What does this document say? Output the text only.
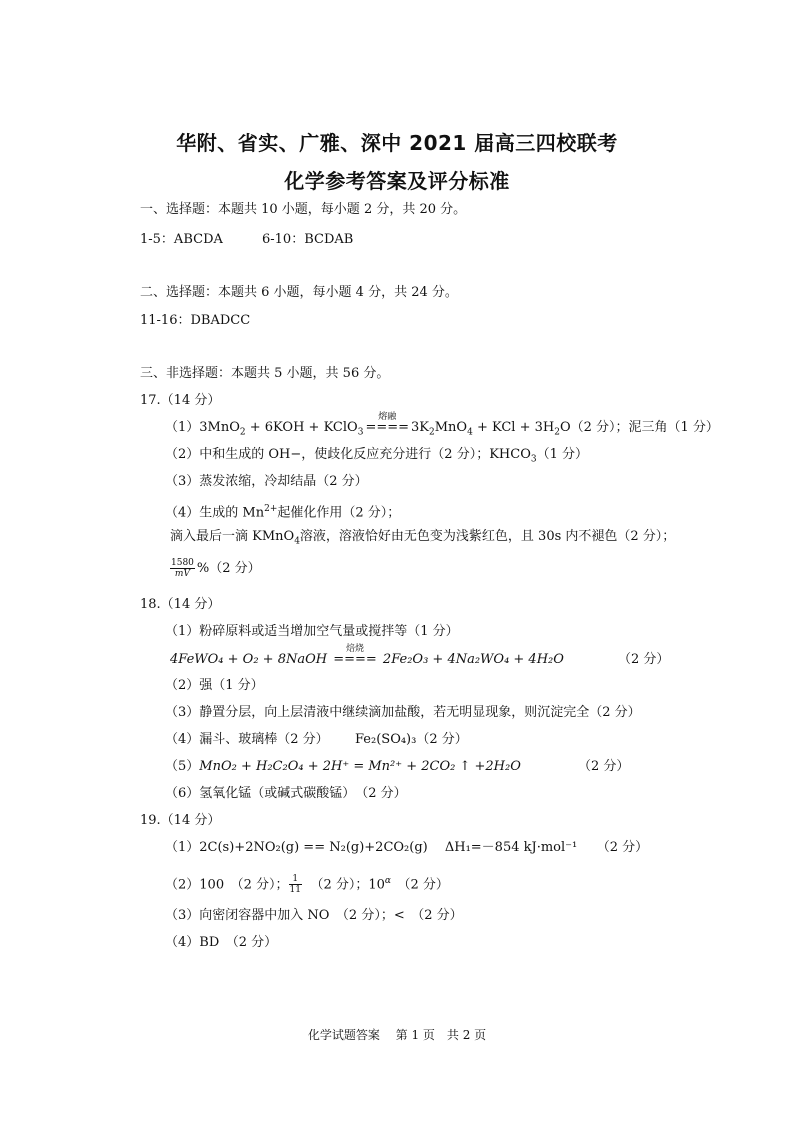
华附、省实、广雅、深中 2021 届高三四校联考
化学参考答案及评分标准
一、选择题：本题共 10 小题，每小题 2 分，共 20 分。
1-5：ABCDA	6-10：BCDAB
二、选择题：本题共 6 小题，每小题 4 分，共 24 分。
11-16：DBADCC
三、非选择题：本题共 5 小题，共 56 分。
17.（14 分）
（1）3MnO$_2$ + 6KOH + KClO$_3$
熔融
==== $3K_2MnO_4$ + KCl + $3H_2O(2$ 分）；泥三角（1 分）
（2）中和生成的 OH−，使歧化反应充分进行（2 分）；$KHCO_3(1$ 分）
（3）蒸发浓缩，冷却结晶（2 分）
（4）生成的 $Mn^{2+}$起催化作用（2 分）；
滴入最后一滴 KMnO$_4$溶液，溶液恰好由无色变为浅紫红色，且 30s 内不褪色（2 分）；
$\frac{1580}{mV} \%(2$ 分）
18.（14 分）
（1）粉碎原料或适当增加空气量或搅拌等（1 分）
4FeWO₄ + O₂ + 8NaOH
焙烧
==== 2Fe₂O₃ + 4Na₂WO₄ + 4H₂O	（2 分）
（2）强（1 分）
（3）静置分层，向上层清液中继续滴加盐酸，若无明显现象，则沉淀完全（2 分）
（4）漏斗、玻璃棒（2 分） Fe₂(SO₄)₃（2 分）
（5）MnO₂ + H₂C₂O₄ + 2H⁺ = Mn²⁺ + 2CO₂ ↑ +2H₂O	（2 分）
（6）氢氧化锰（或碱式碳酸锰）　（2 分）
19.（14 分）
（1）2C(s)+2NO₂(g) == N₂(g)+2CO₂(g)　 ΔH₁=－854 kJ·mol⁻¹　　（2 分）
（2）100　（2 分）； $\frac{1}{11}$ 　（2 分）；$10^\alpha$　（2 分）
（3）向密闭容器中加入 NO　（2 分）；<　（2 分）
（4）BD　（2 分）
化学试题答案　 第 1 页　共 2 页
